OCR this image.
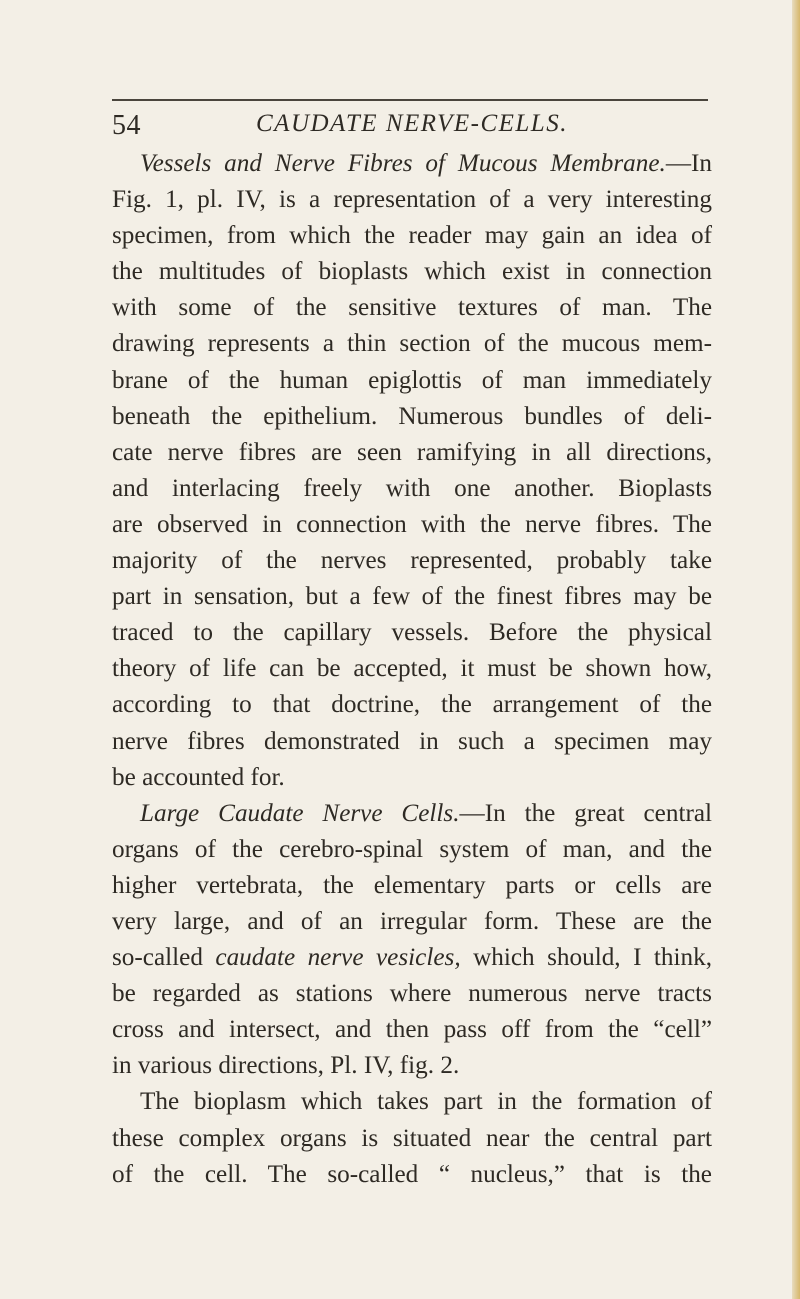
54	CAUDATE NERVE-CELLS.
Vessels and Nerve Fibres of Mucous Membrane.—In
Fig. 1, pl. IV, is a representation of a very interesting
specimen, from which the reader may gain an idea of
the multitudes of bioplasts which exist in connection
with some of the sensitive textures of man. The
drawing represents a thin section of the mucous mem-
brane of the human epiglottis of man immediately
beneath the epithelium. Numerous bundles of deli-
cate nerve fibres are seen ramifying in all directions,
and interlacing freely with one another. Bioplasts
are observed in connection with the nerve fibres. The
majority of the nerves represented, probably take
part in sensation, but a few of the finest fibres may be
traced to the capillary vessels. Before the physical
theory of life can be accepted, it must be shown how,
according to that doctrine, the arrangement of the
nerve fibres demonstrated in such a specimen may
be accounted for.
Large Caudate Nerve Cells.—In the great central
organs of the cerebro-spinal system of man, and the
higher vertebrata, the elementary parts or cells are
very large, and of an irregular form. These are the
so-called caudate nerve vesicles, which should, I think,
be regarded as stations where numerous nerve tracts
cross and intersect, and then pass off from the “cell”
in various directions, Pl. IV, fig. 2.
The bioplasm which takes part in the formation of
these complex organs is situated near the central part
of the cell. The so-called “ nucleus,” that is the
